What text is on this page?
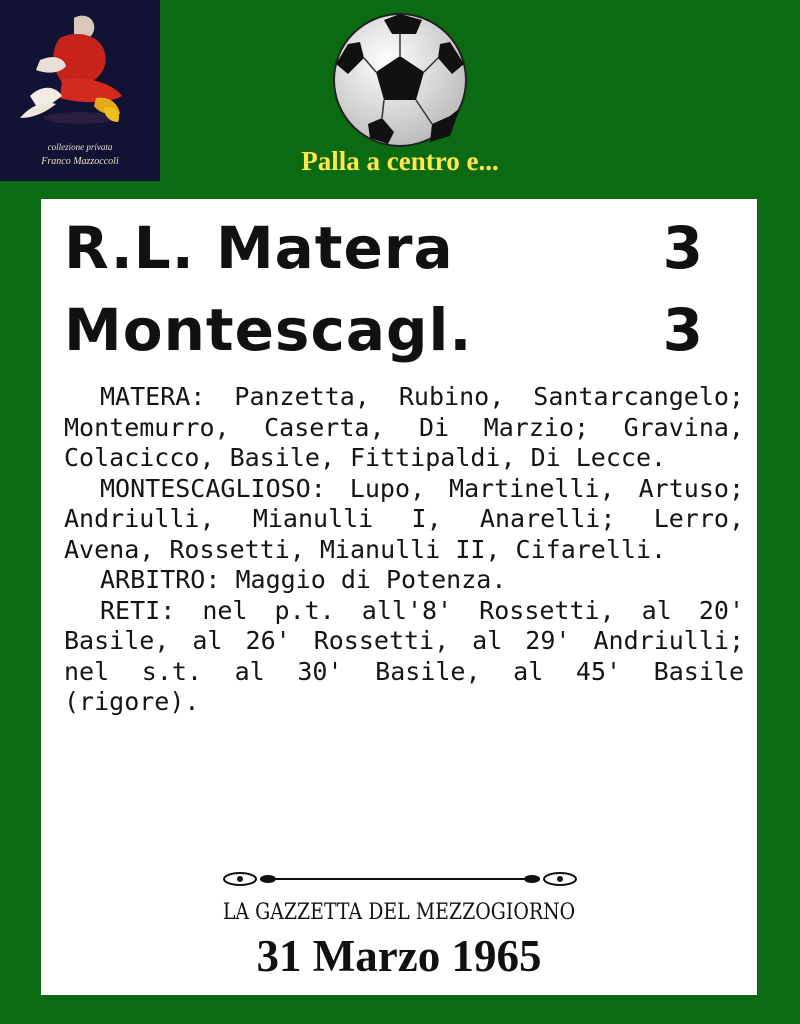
collezione privata
Franco Mazzoccoli	Palla a centro e...
R.L. Matera	3
Montescagl.	3

MATERA: Panzetta, Rubino, Santarcangelo; Montemurro, Caserta, Di Marzio; Gravina, Colacicco, Basile, Fittipaldi, Di Lecce.

MONTESCAGLIOSO: Lupo, Martinelli, Artuso; Andriulli, Mianulli I, Anarelli; Lerro, Avena, Rossetti, Mianulli II, Cifarelli.

ARBITRO: Maggio di Potenza.

RETI: nel p.t. all'8' Rossetti, al 20' Basile, al 26' Rossetti, al 29' Andriulli; nel s.t. al 30' Basile, al 45' Basile (rigore).

LA GAZZETTA DEL MEZZOGIORNO
31 Marzo 1965
